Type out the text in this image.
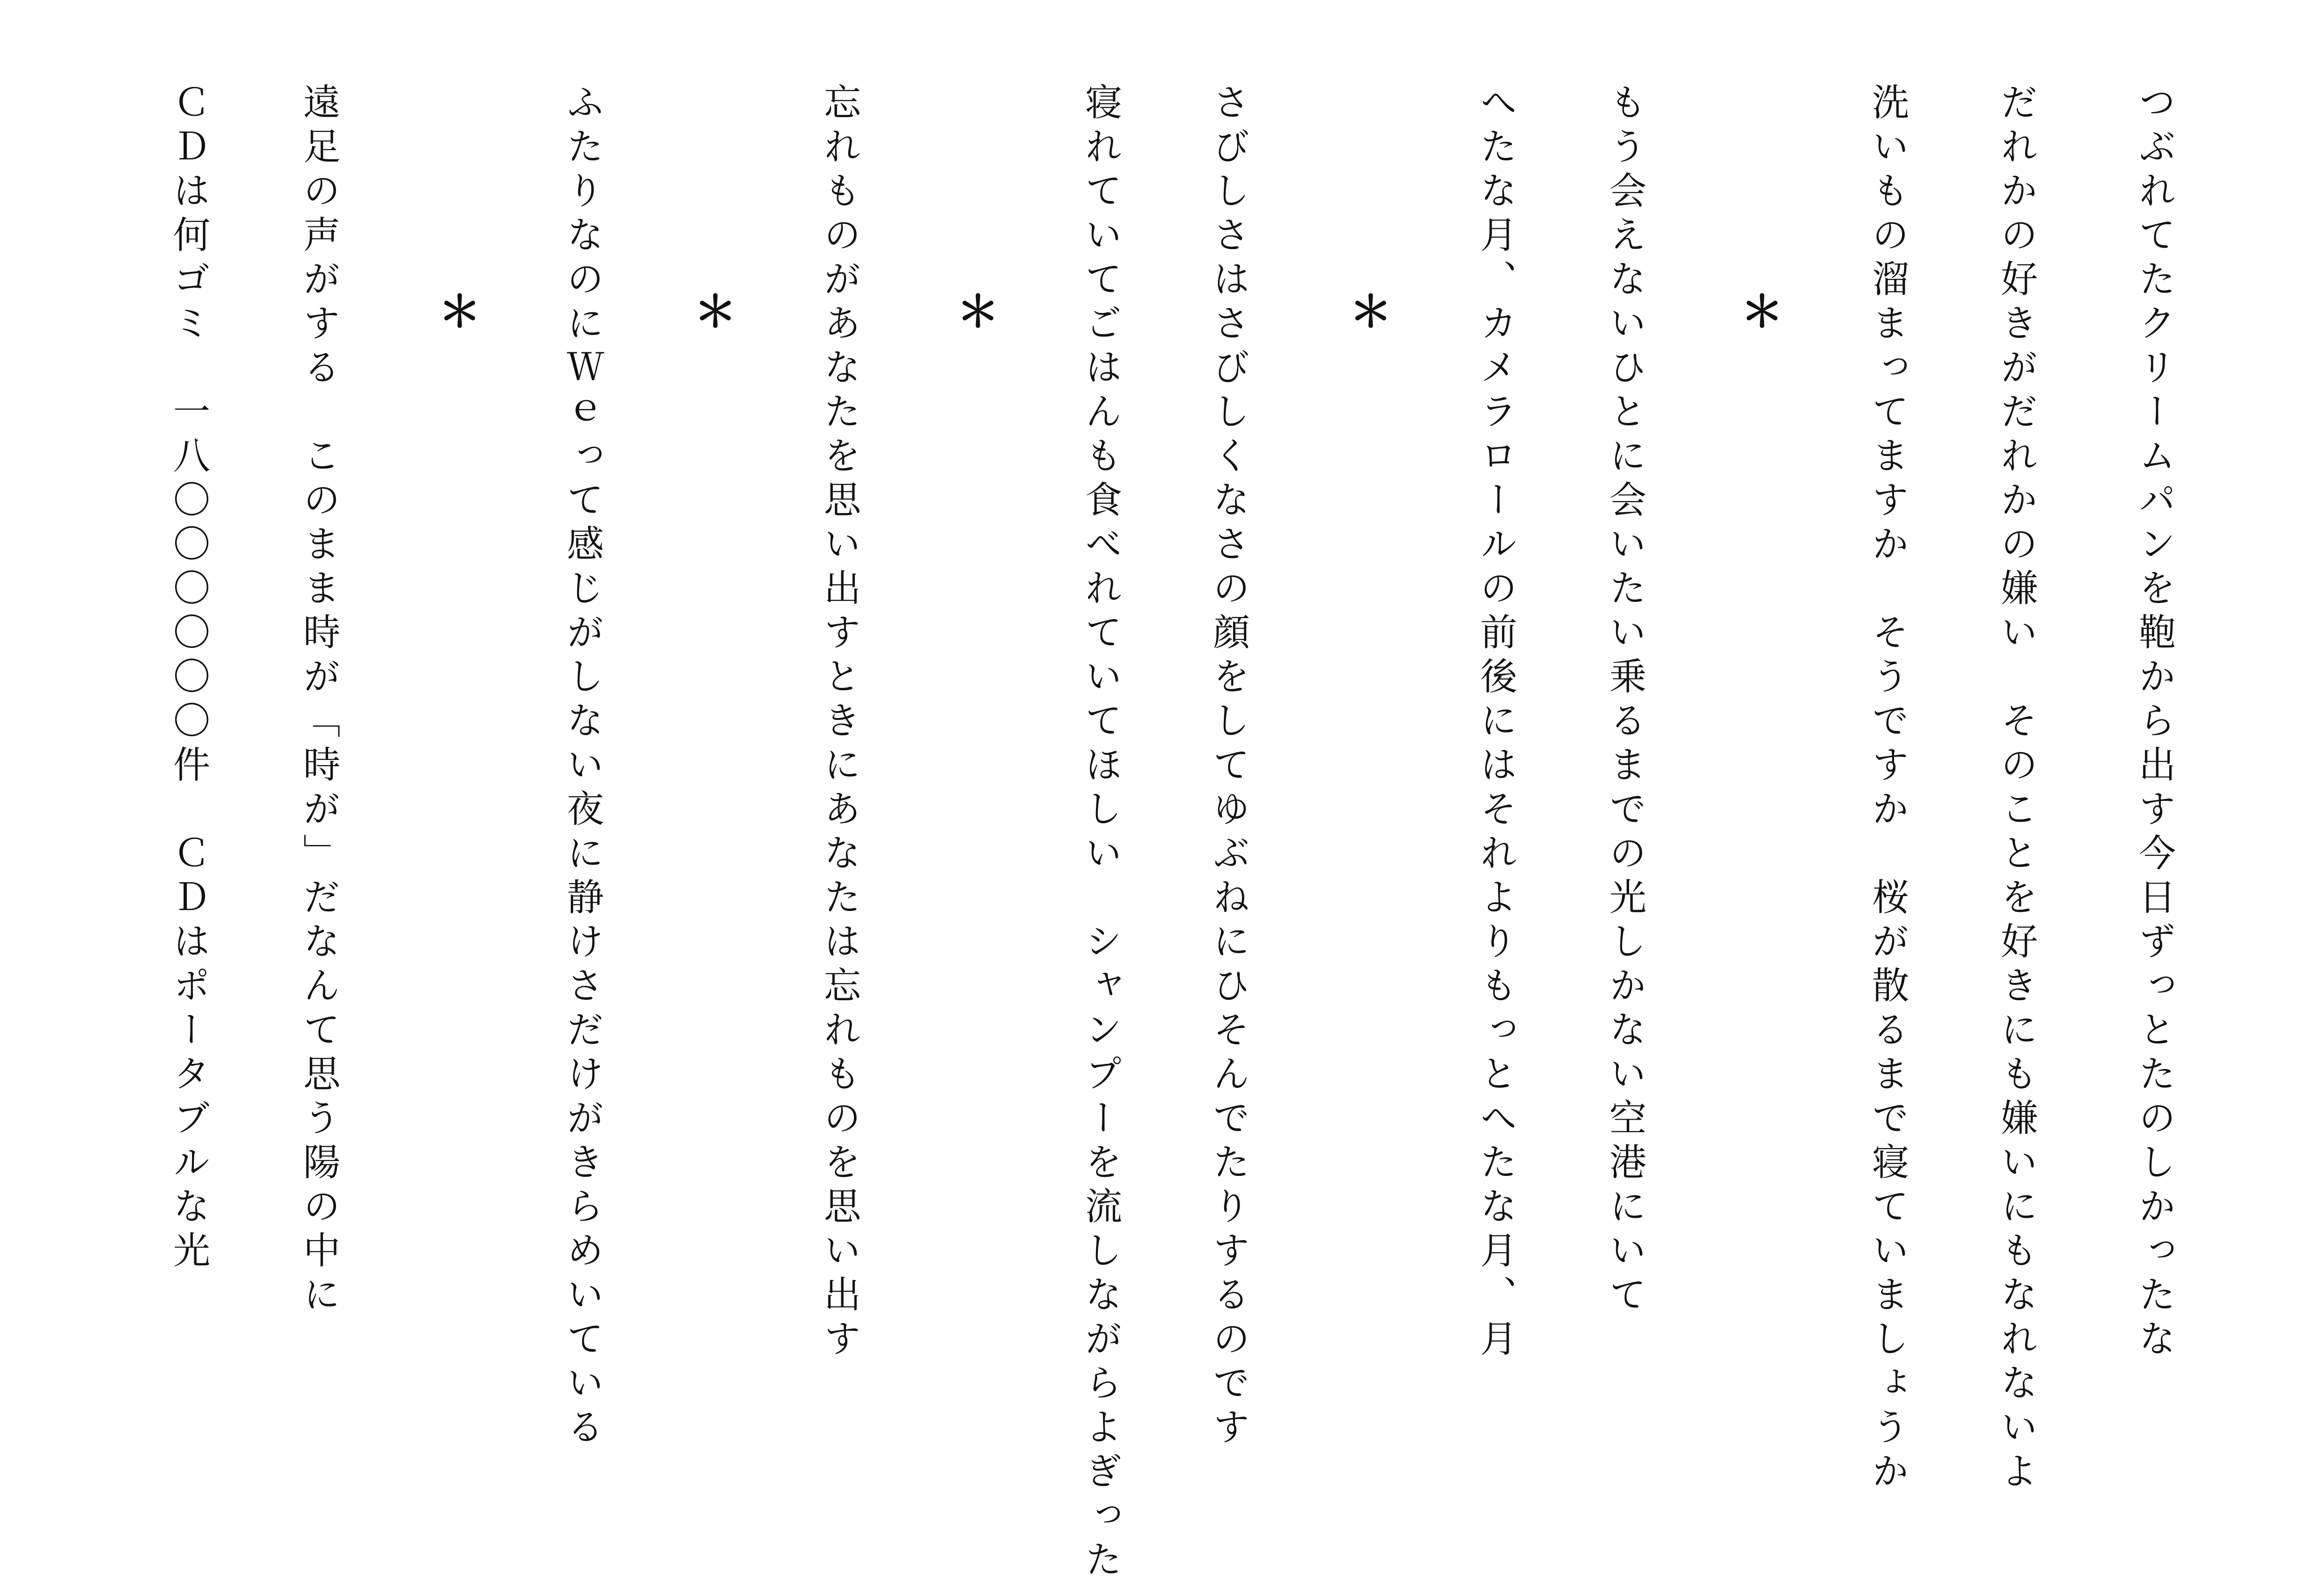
つぶれてたクリームパンを鞄から出す今日ずっとたのしかったな
だれかの好きがだれかの嫌い　そのことを好きにも嫌いにもなれないよ
洗いもの溜まってますか　そうですか　桜が散るまで寝ていましょうか
＊
もう会えないひとに会いたい乗るまでの光しかない空港にいて
へたな月、カメラロールの前後にはそれよりもっとへたな月、月
＊
さびしさはさびしくなさの顔をしてゆぶねにひそんでたりするのです
寝れていてごはんも食べれていてほしい　シャンプーを流しながらよぎった
＊
忘れものがあなたを思い出すときにあなたは忘れものを思い出す
＊
ふたりなのにＷｅって感じがしない夜に静けさだけがきらめいている
＊
遠足の声がする　このまま時が「時が」だなんて思う陽の中に
ＣＤは何ゴミ　一八〇〇〇〇〇〇件　ＣＤはポータブルな光
